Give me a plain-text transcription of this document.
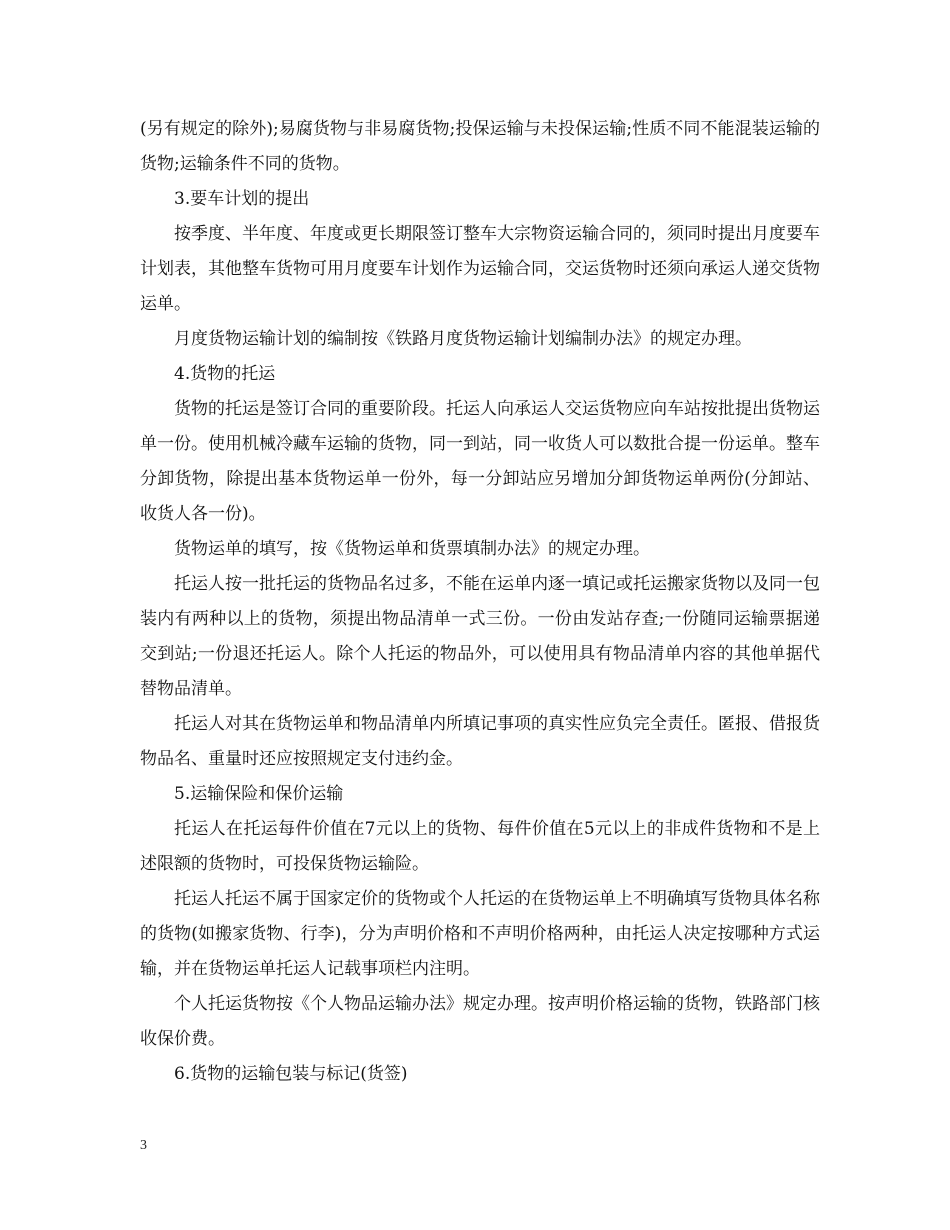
(另有规定的除外);易腐货物与非易腐货物;投保运输与未投保运输;性质不同不能混装运输的货物;运输条件不同的货物。

3.要车计划的提出

按季度、半年度、年度或更长期限签订整车大宗物资运输合同的，须同时提出月度要车计划表，其他整车货物可用月度要车计划作为运输合同，交运货物时还须向承运人递交货物运单。

月度货物运输计划的编制按《铁路月度货物运输计划编制办法》的规定办理。

4.货物的托运

货物的托运是签订合同的重要阶段。托运人向承运人交运货物应向车站按批提出货物运单一份。使用机械冷藏车运输的货物，同一到站，同一收货人可以数批合提一份运单。整车分卸货物，除提出基本货物运单一份外，每一分卸站应另增加分卸货物运单两份(分卸站、收货人各一份)。

货物运单的填写，按《货物运单和货票填制办法》的规定办理。

托运人按一批托运的货物品名过多，不能在运单内逐一填记或托运搬家货物以及同一包装内有两种以上的货物，须提出物品清单一式三份。一份由发站存查;一份随同运输票据递交到站;一份退还托运人。除个人托运的物品外，可以使用具有物品清单内容的其他单据代替物品清单。

托运人对其在货物运单和物品清单内所填记事项的真实性应负完全责任。匿报、借报货物品名、重量时还应按照规定支付违约金。

5.运输保险和保价运输

托运人在托运每件价值在7元以上的货物、每件价值在5元以上的非成件货物和不是上述限额的货物时，可投保货物运输险。

托运人托运不属于国家定价的货物或个人托运的在货物运单上不明确填写货物具体名称的货物(如搬家货物、行李)，分为声明价格和不声明价格两种，由托运人决定按哪种方式运输，并在货物运单托运人记载事项栏内注明。

个人托运货物按《个人物品运输办法》规定办理。按声明价格运输的货物，铁路部门核收保价费。

6.货物的运输包装与标记(货签)

3
